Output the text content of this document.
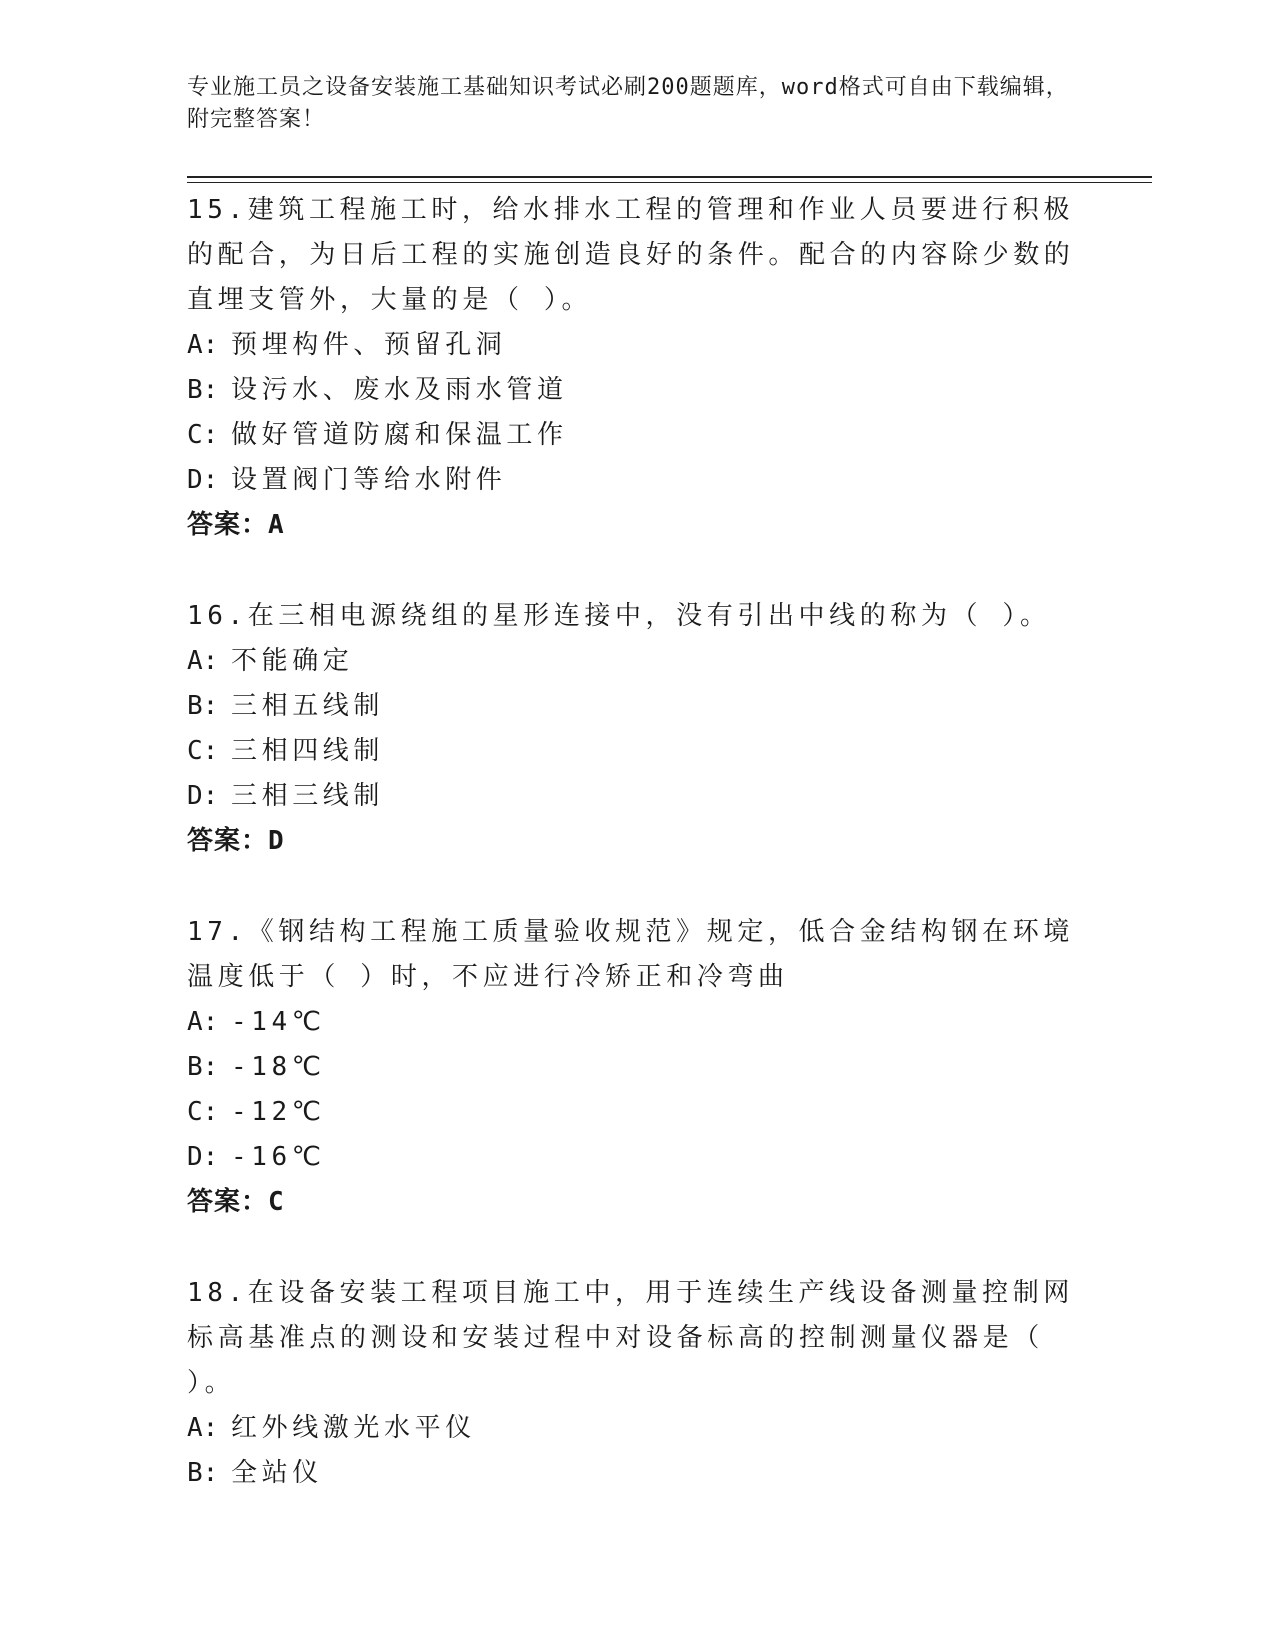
专业施工员之设备安装施工基础知识考试必刷200题题库，word格式可自由下载编辑，附完整答案！

15.建筑工程施工时，给水排水工程的管理和作业人员要进行积极的配合，为日后工程的实施创造良好的条件。配合的内容除少数的直埋支管外，大量的是（ ）。

A: 预埋构件、预留孔洞

B: 设污水、废水及雨水管道

C: 做好管道防腐和保温工作

D: 设置阀门等给水附件

答案：A

16.在三相电源绕组的星形连接中，没有引出中线的称为（ ）。

A: 不能确定

B: 三相五线制

C: 三相四线制

D: 三相三线制

答案：D

17.《钢结构工程施工质量验收规范》规定，低合金结构钢在环境温度低于（ ）时，不应进行冷矫正和冷弯曲

A: -14℃

B: -18℃

C: -12℃

D: -16℃

答案：C

18.在设备安装工程项目施工中，用于连续生产线设备测量控制网标高基准点的测设和安装过程中对设备标高的控制测量仪器是（ ）。

A: 红外线激光水平仪

B: 全站仪
